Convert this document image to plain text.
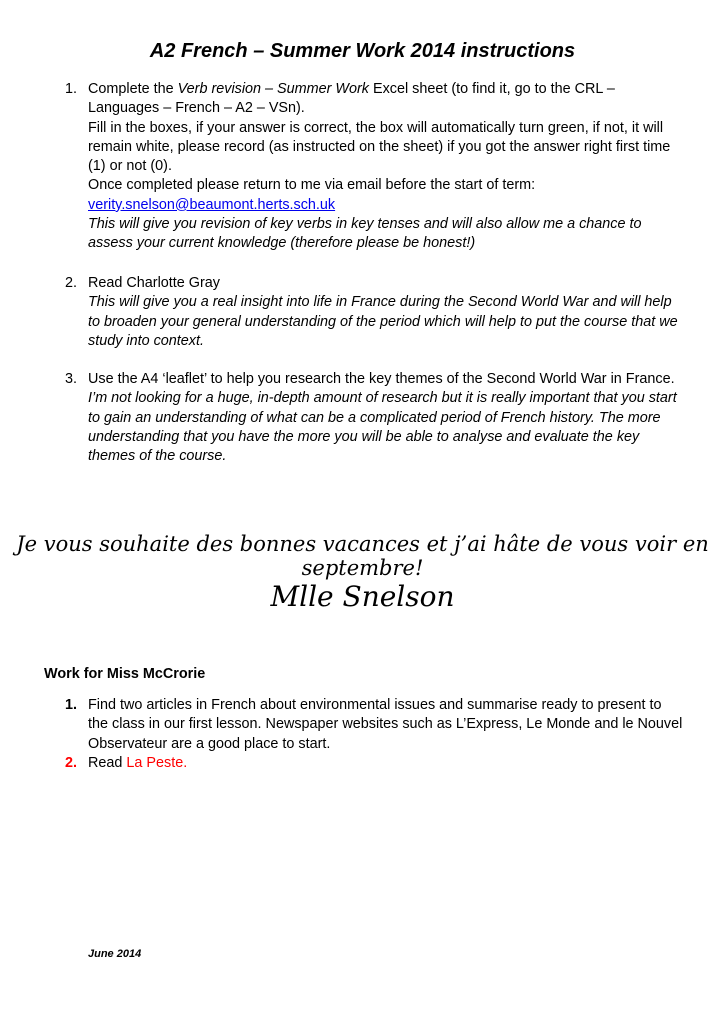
A2 French – Summer Work 2014 instructions
1. Complete the Verb revision – Summer Work Excel sheet (to find it, go to the CRL – Languages – French – A2 – VSn).
Fill in the boxes, if your answer is correct, the box will automatically turn green, if not, it will remain white, please record (as instructed on the sheet) if you got the answer right first time (1) or not (0).
Once completed please return to me via email before the start of term:
verity.snelson@beaumont.herts.sch.uk
This will give you revision of key verbs in key tenses and will also allow me a chance to assess your current knowledge (therefore please be honest!)
2. Read Charlotte Gray
This will give you a real insight into life in France during the Second World War and will help to broaden your general understanding of the period which will help to put the course that we study into context.
3. Use the A4 ‘leaflet’ to help you research the key themes of the Second World War in France.
I’m not looking for a huge, in-depth amount of research but it is really important that you start to gain an understanding of what can be a complicated period of French history. The more understanding that you have the more you will be able to analyse and evaluate the key themes of the course.
Je vous souhaite des bonnes vacances et j’ai hâte de vous voir en septembre!
Mlle Snelson
Work for Miss McCrorie
1. Find two articles in French about environmental issues and summarise ready to present to the class in our first lesson. Newspaper websites such as L’Express, Le Monde and le Nouvel Observateur are a good place to start.
2. Read La Peste.
June 2014
